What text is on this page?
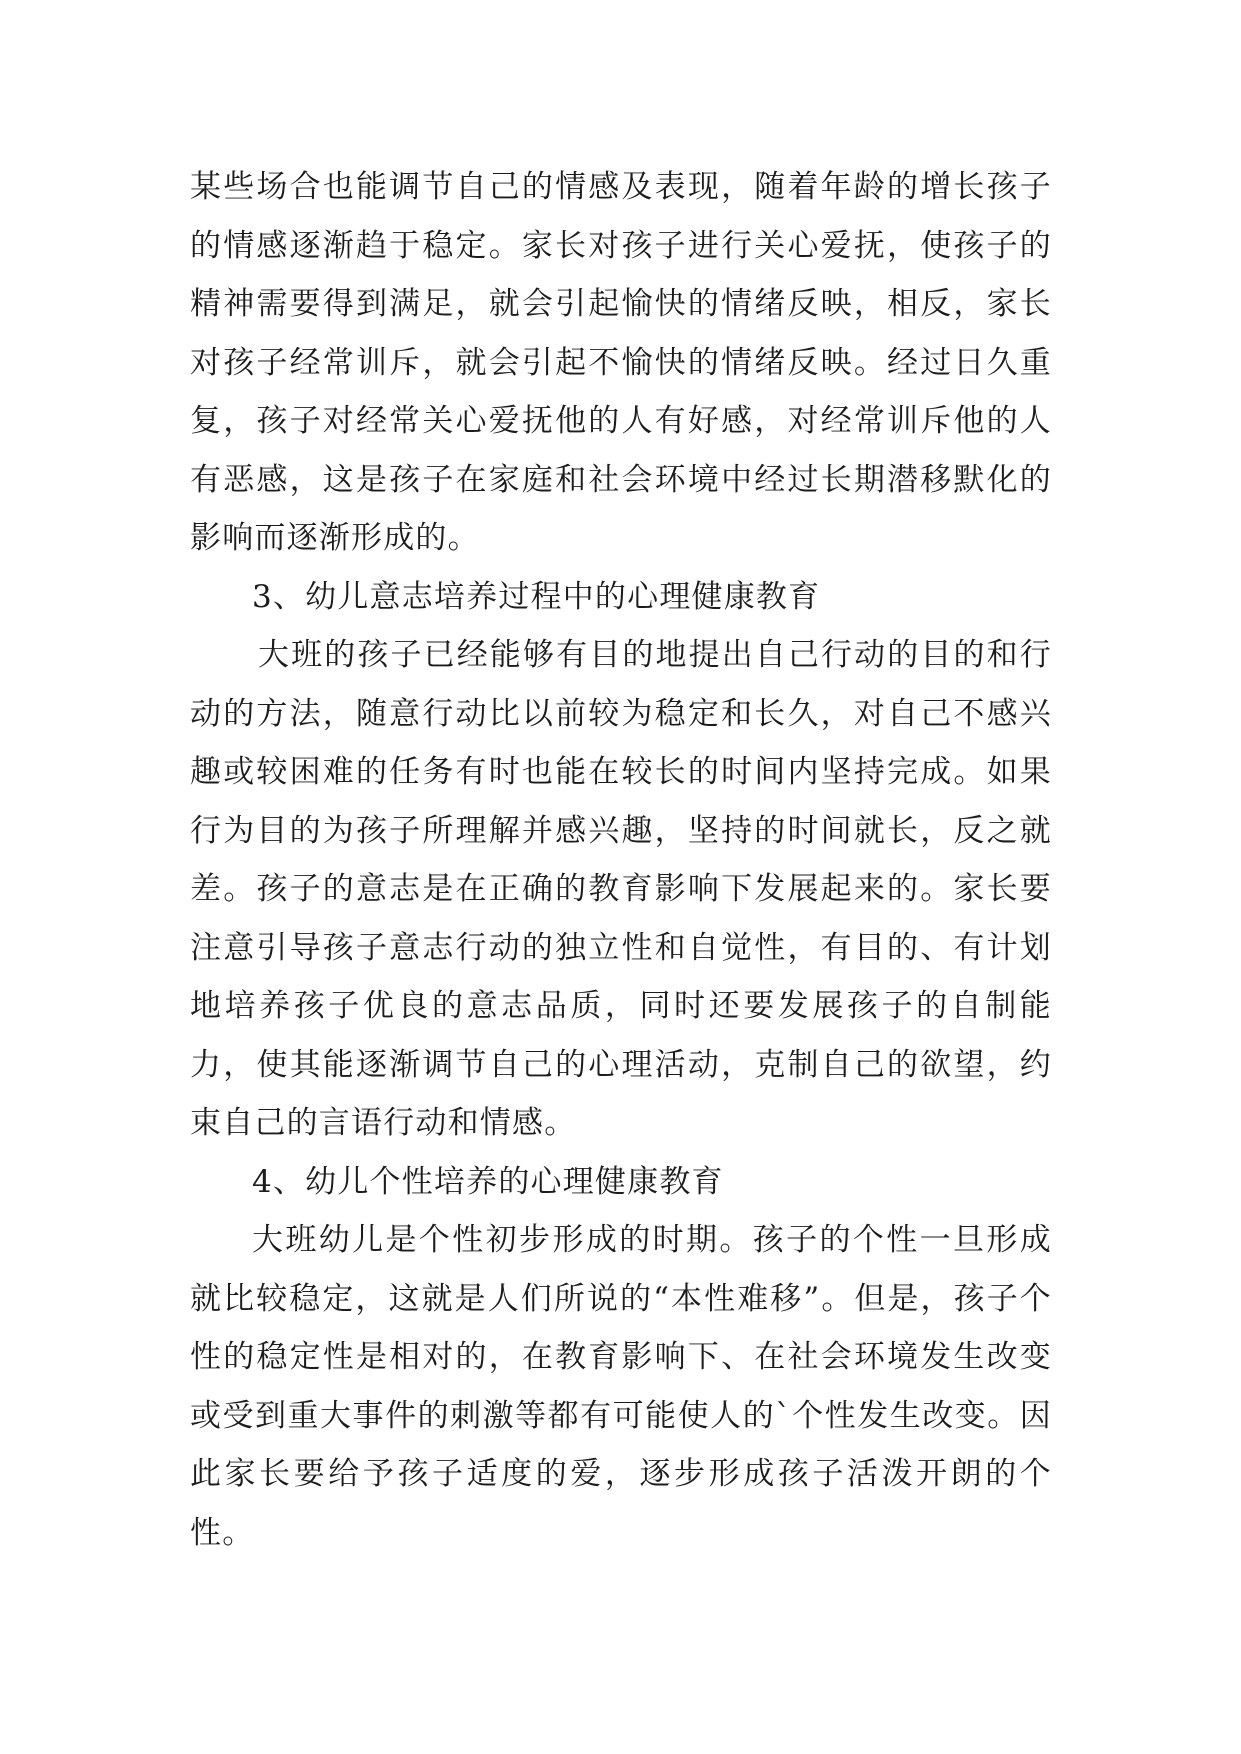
某些场合也能调节自己的情感及表现，随着年龄的增长孩子的情感逐渐趋于稳定。家长对孩子进行关心爱抚，使孩子的精神需要得到满足，就会引起愉快的情绪反映，相反，家长对孩子经常训斥，就会引起不愉快的情绪反映。经过日久重复，孩子对经常关心爱抚他的人有好感，对经常训斥他的人有恶感，这是孩子在家庭和社会环境中经过长期潜移默化的影响而逐渐形成的。

3、幼儿意志培养过程中的心理健康教育

大班的孩子已经能够有目的地提出自己行动的目的和行动的方法，随意行动比以前较为稳定和长久，对自己不感兴趣或较困难的任务有时也能在较长的时间内坚持完成。如果行为目的为孩子所理解并感兴趣，坚持的时间就长，反之就差。孩子的意志是在正确的教育影响下发展起来的。家长要注意引导孩子意志行动的独立性和自觉性，有目的、有计划地培养孩子优良的意志品质，同时还要发展孩子的自制能力，使其能逐渐调节自己的心理活动，克制自己的欲望，约束自己的言语行动和情感。

4、幼儿个性培养的心理健康教育

大班幼儿是个性初步形成的时期。孩子的个性一旦形成就比较稳定，这就是人们所说的“本性难移”。但是，孩子个性的稳定性是相对的，在教育影响下、在社会环境发生改变或受到重大事件的刺激等都有可能使人的`个性发生改变。因此家长要给予孩子适度的爱，逐步形成孩子活泼开朗的个性。
